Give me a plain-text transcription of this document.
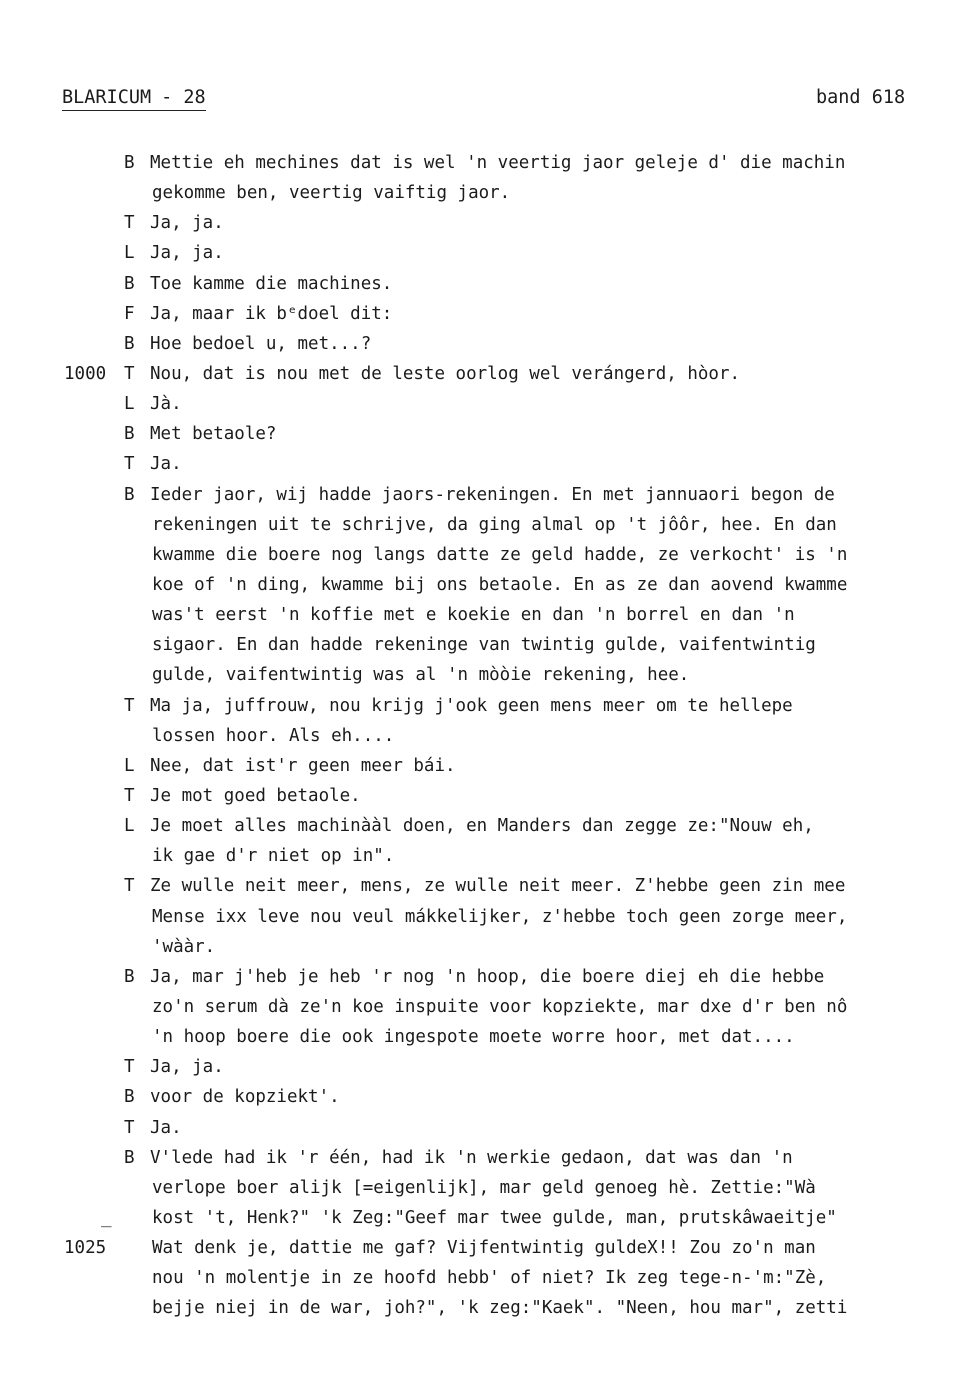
BLARICUM - 28	band 618
B Mettie eh mechines dat is wel 'n veertig jaor geleje d' die machin
gekomme ben, veertig vaiftig jaor.
T Ja, ja.
L Ja, ja.
B Toe kamme die machines.
F Ja, maar ik bᵉdoel dit:
B Hoe bedoel u, met...?
1000 T Nou, dat is nou met de leste oorlog wel verángerd, hòor.
L Jà.
B Met betaole?
T Ja.
B Ieder jaor, wij hadde jaors-rekeningen. En met jannuaori begon de
rekeningen uit te schrijve, da ging almal op 't jôôr, hee. En dan
kwamme die boere nog langs datte ze geld hadde, ze verkocht' is 'n
koe of 'n ding, kwamme bij ons betaole. En as ze dan aovend kwamme
was't eerst 'n koffie met e koekie en dan 'n borrel en dan 'n
sigaor. En dan hadde rekeninge van twintig gulde, vaifentwintig
gulde, vaifentwintig was al 'n mòòie rekening, hee.
T Ma ja, juffrouw, nou krijg j'ook geen mens meer om te hellepe
lossen hoor. Als eh....
L Nee, dat ist'r geen meer bái.
T Je mot goed betaole.
L Je moet alles machinààl doen, en Manders dan zegge ze:"Nouw eh,
ik gae d'r niet op in".
T Ze wulle neit meer, mens, ze wulle neit meer. Z'hebbe geen zin mee
Mense ixx leve nou veul mákkelijker, z'hebbe toch geen zorge meer,
'wààr.
B Ja, mar j'heb je heb 'r nog 'n hoop, die boere diej eh die hebbe
zo'n serum dà ze'n koe inspuite voor kopziekte, mar dxe d'r ben nô
'n hoop boere die ook ingespote moete worre hoor, met dat....
T Ja, ja.
B voor de kopziekt'.
T Ja.
B V'lede had ik 'r één, had ik 'n werkie gedaon, dat was dan 'n
verlope boer alijk [=eigenlijk], mar geld genoeg hè. Zettie:"Wà
_ kost 't, Henk?" 'k Zeg:"Geef mar twee gulde, man, prutskâwaeitje"
1025	Wat denk je, dattie me gaf? Vijfentwintig guldeX!! Zou zo'n man
nou 'n molentje in ze hoofd hebb' of niet? Ik zeg tege-n-'m:"Zè,
bejje niej in de war, joh?", 'k zeg:"Kaek". "Neen, hou mar", zetti
